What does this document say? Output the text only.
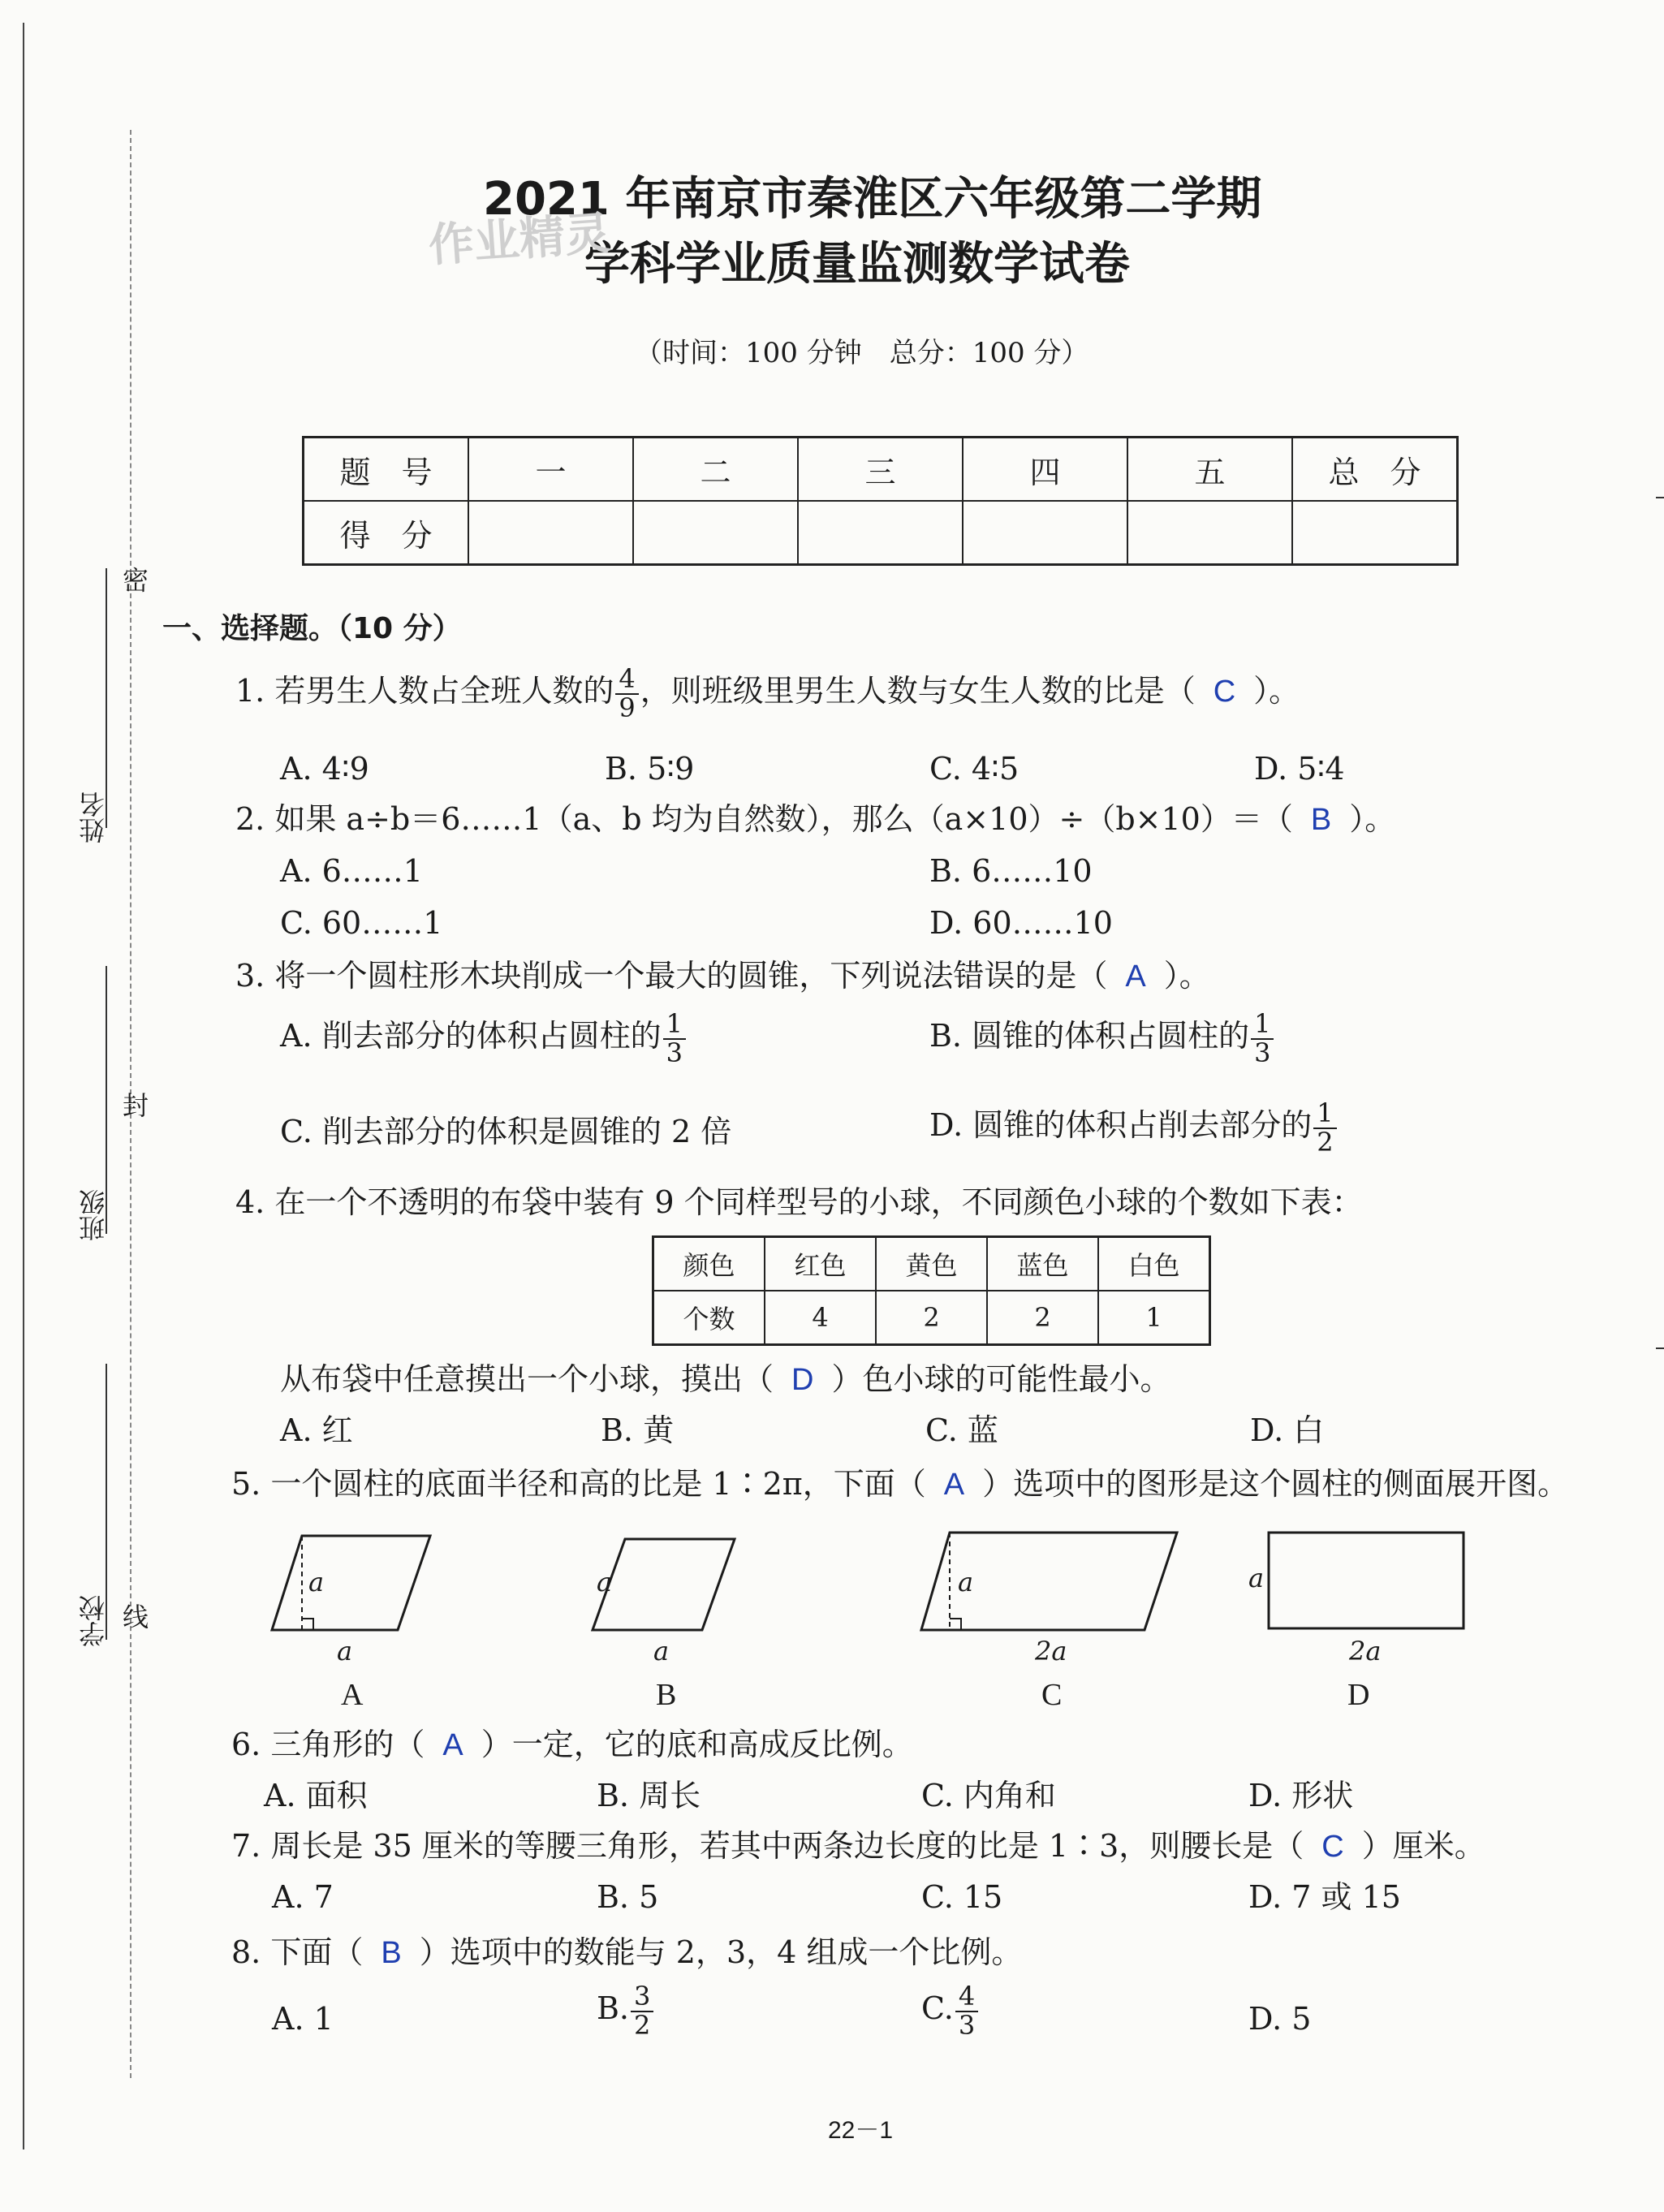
密
封
线
姓名
班级
学校
2021 年南京市秦淮区六年级第二学期
学科学业质量监测数学试卷
作业精灵
（时间：100 分钟　总分：100 分）
题　号	一	二	三	四	五	总　分
得　分						
一、选择题。（10 分）
1. 若男生人数占全班人数的 $\frac{4}{9}$ ，则班级里男生人数与女生人数的比是（ C ）。
A. 4∶9	B. 5∶9	C. 4∶5	D. 5∶4
2. 如果 a÷b＝6……1（a、b 均为自然数），那么（a×10）÷（b×10）＝（ B ）。
A. 6……1	B. 6……10
C. 60……1	D. 60……10
3. 将一个圆柱形木块削成一个最大的圆锥，下列说法错误的是（ A ）。
A. 削去部分的体积占圆柱的 $\frac{1}{3}$	B. 圆锥的体积占圆柱的 $\frac{1}{3}$
C. 削去部分的体积是圆锥的 2 倍	D. 圆锥的体积占削去部分的 $\frac{1}{2}$
4. 在一个不透明的布袋中装有 9 个同样型号的小球，不同颜色小球的个数如下表：
颜色	红色	黄色	蓝色	白色
个数	4	2	2	1
从布袋中任意摸出一个小球，摸出（ D ）色小球的可能性最小。
A. 红	B. 黄	C. 蓝	D. 白
5. 一个圆柱的底面半径和高的比是 1∶2π，下面（ A ）选项中的图形是这个圆柱的侧面展开图。
a
a
a
a
a
2a
a
2a
A	B	C	D
6. 三角形的（ A ）一定，它的底和高成反比例。
A. 面积	B. 周长	C. 内角和	D. 形状
7. 周长是 35 厘米的等腰三角形，若其中两条边长度的比是 1∶3，则腰长是（ C ）厘米。
A. 7	B. 5	C. 15	D. 7 或 15
8. 下面（ B ）选项中的数能与 2，3，4 组成一个比例。
A. 1	B. $\frac{3}{2}$	C. $\frac{4}{3}$	D. 5
22－1
